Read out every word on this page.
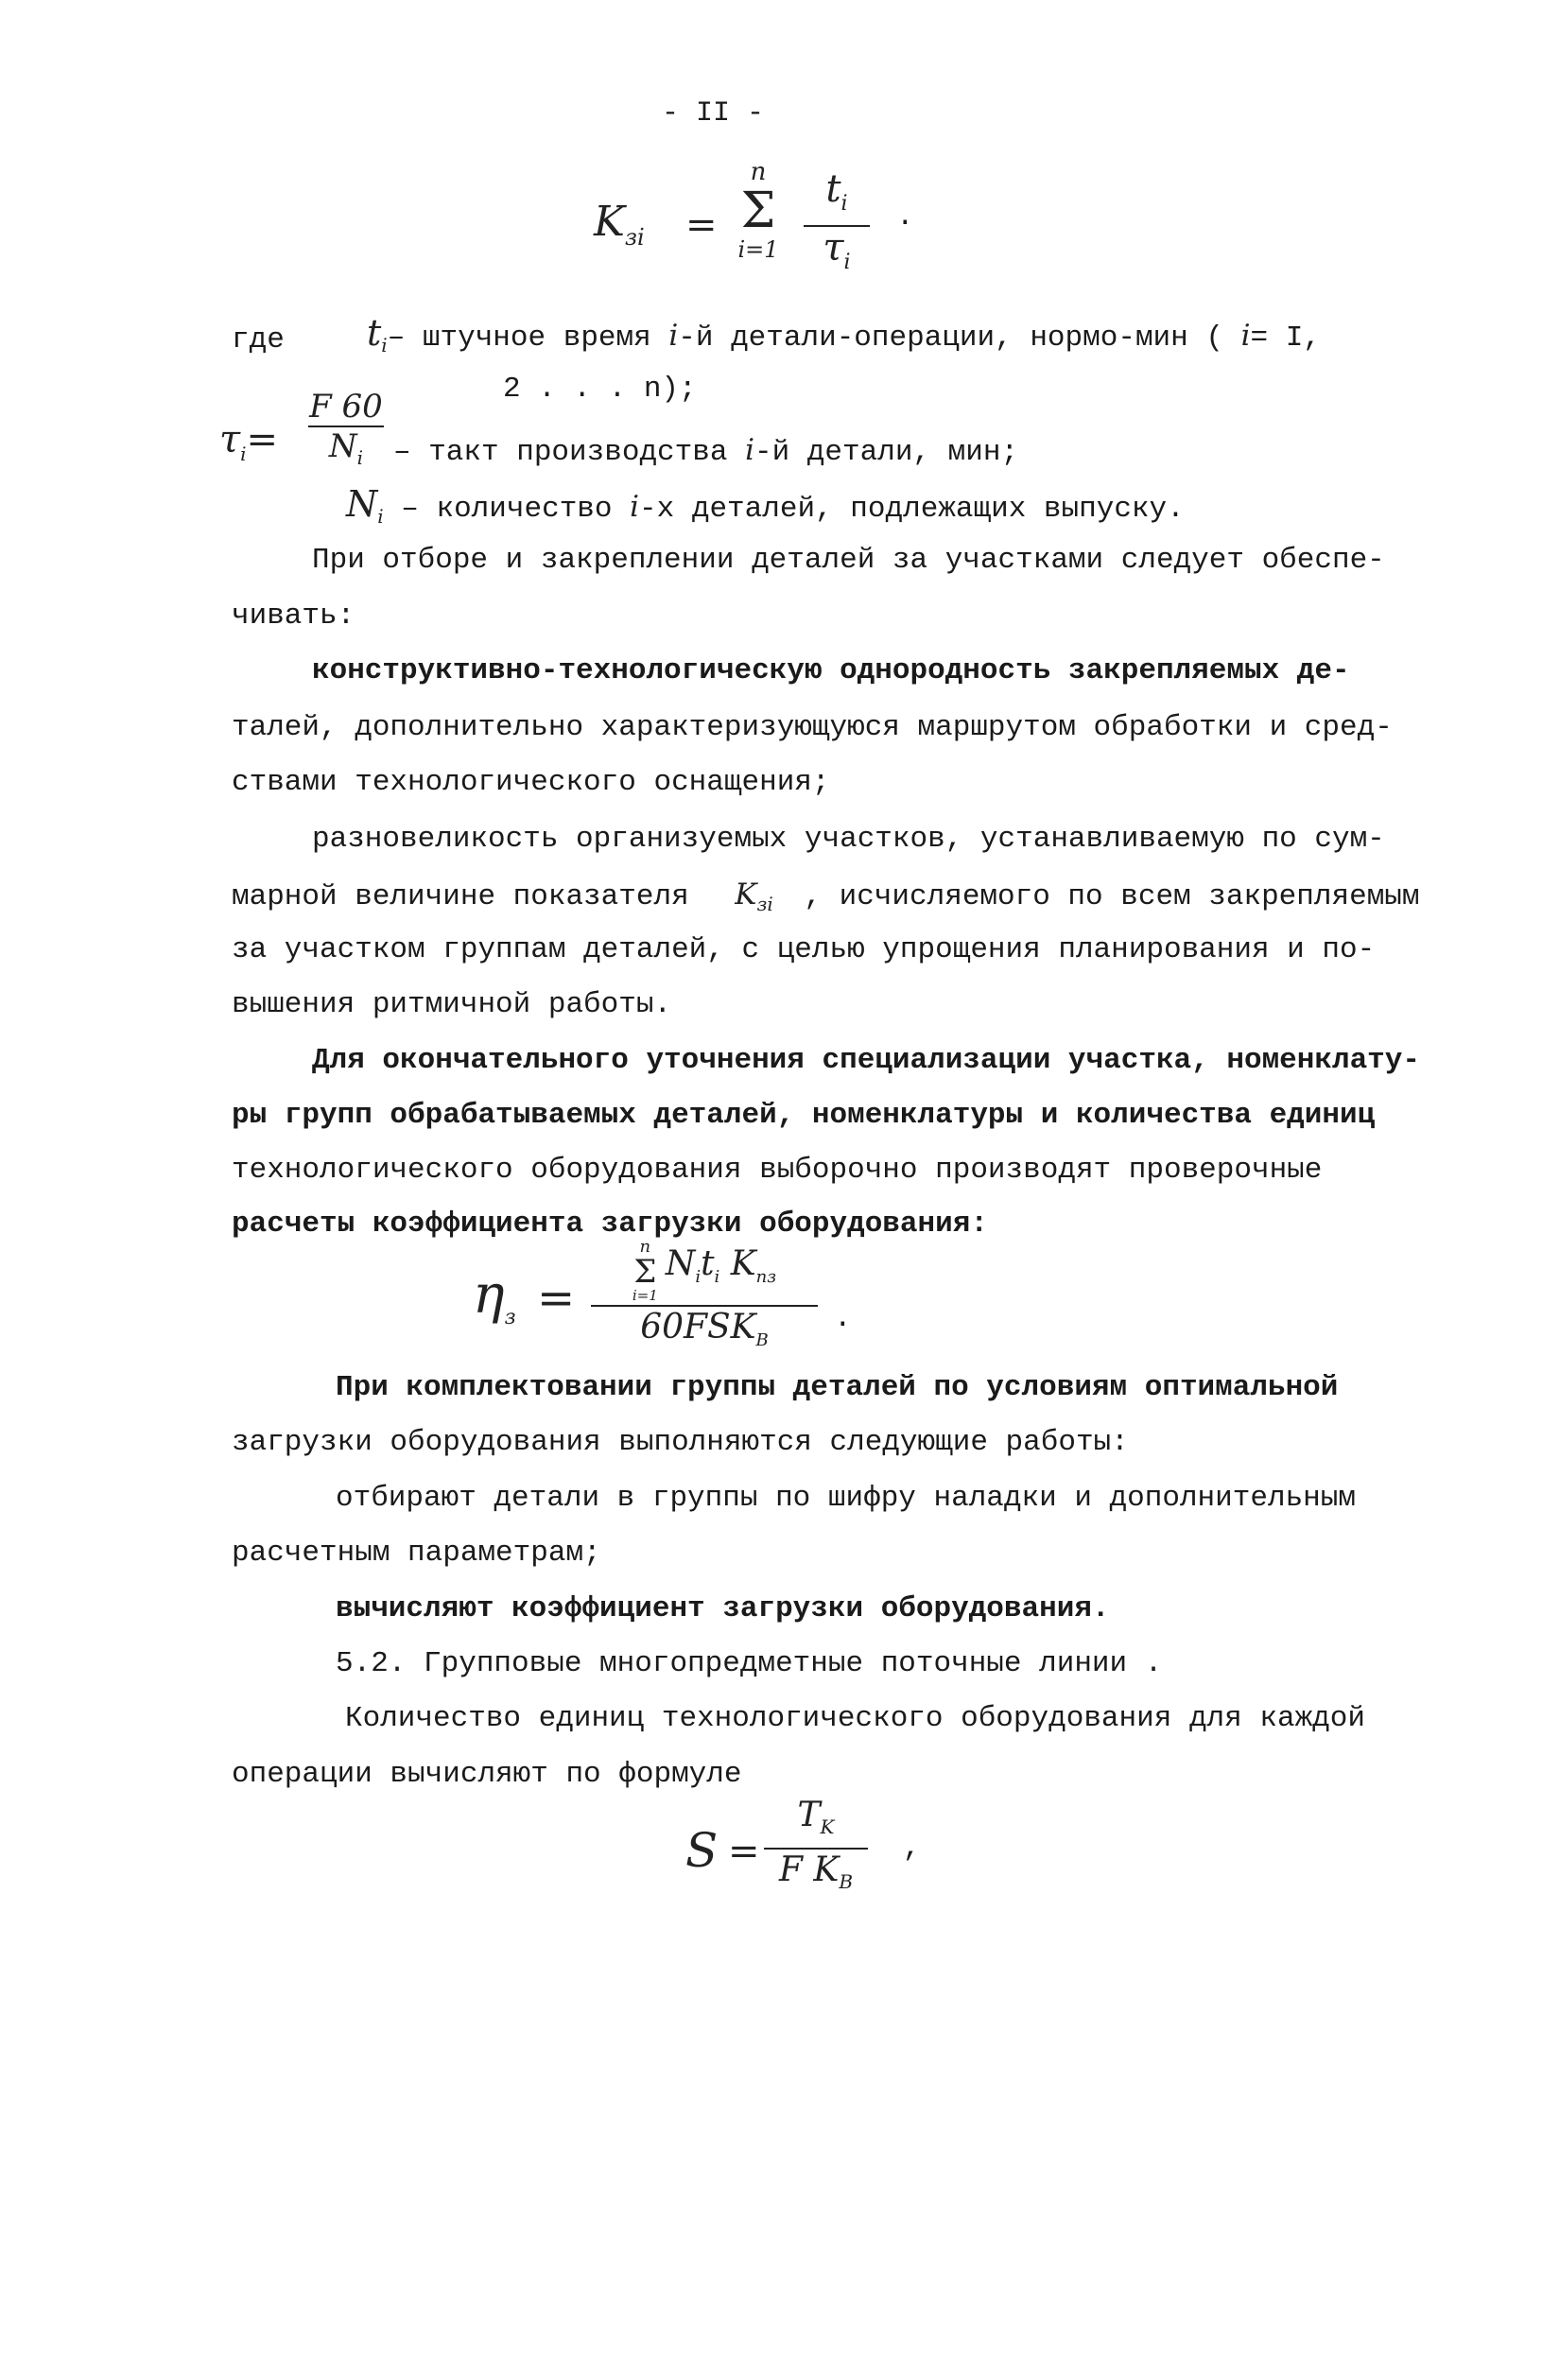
- II -
$K_{зi}$ =
n
Σ
i=1
$t_i$
$\tau_i$
.
где $t_i-$ штучное время i-й детали-операции, нормо-мин ( i= I,
2 . . . n);
$\tau_i=$
F 60
$N_i$ – такт производства i-й детали, мин;
$N_i$ – количество i-х деталей, подлежащих выпуску.
При отборе и закреплении деталей за участками следует обеспе-
чивать:
конструктивно-технологическую однородность закрепляемых де-
талей, дополнительно характеризующуюся маршрутом обработки и сред-
ствами технологического оснащения;
разновеликость организуемых участков, устанавливаемую по сум-
марной величине показателя $K_{зi}$ , исчисляемого по всем закрепляемым
за участком группам деталей, с целью упрощения планирования и по-
вышения ритмичной работы.
Для окончательного уточнения специализации участка, номенклату-
ры групп обрабатываемых деталей, номенклатуры и количества единиц
технологического оборудования выборочно производят проверочные
расчеты коэффициента загрузки оборудования:
$\eta_з$ =
n
Σ
i=1
$N_it_i$ $K_{пз}$
$60FSK_B$
.
При комплектовании группы деталей по условиям оптимальной
загрузки оборудования выполняются следующие работы:
отбирают детали в группы по шифру наладки и дополнительным
расчетным параметрам;
вычисляют коэффициент загрузки оборудования.
5.2. Групповые многопредметные поточные линии .
Количество единиц технологического оборудования для каждой
операции вычисляют по формуле
S =
$T_K$
F $K_B$
,
